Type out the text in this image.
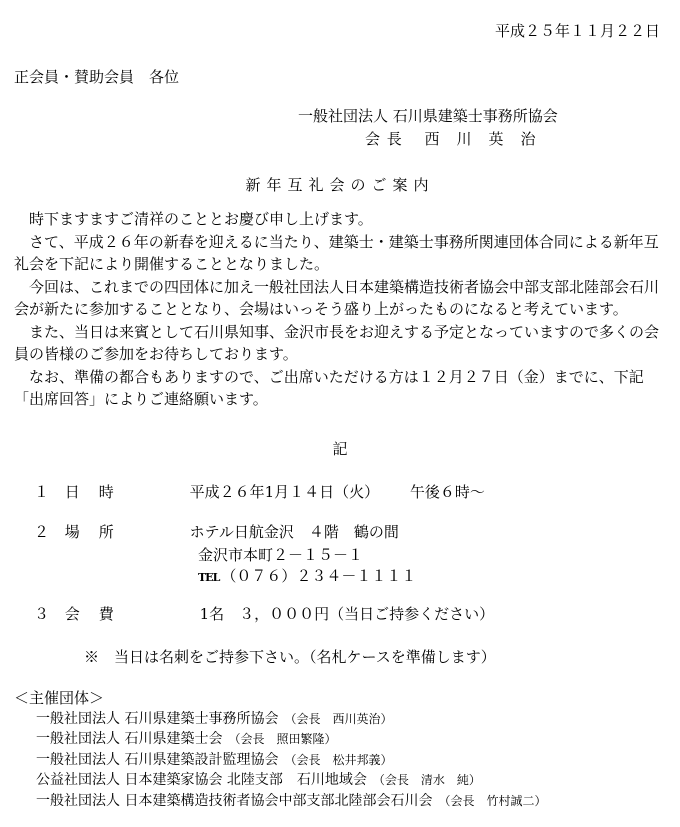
平成２５年１１月２２日
正会員・賛助会員　各位
一般社団法人 石川県建築士事務所協会
会 長　 西　川　英　治
新年互礼会のご案内

時下ますますご清祥のこととお慶び申し上げます。

さて、平成２６年の新春を迎えるに当たり、建築士・建築士事務所関連団体合同による新年互礼会を下記により開催することとなりました。

今回は、これまでの四団体に加え一般社団法人日本建築構造技術者協会中部支部北陸部会石川会が新たに参加することとなり、会場はいっそう盛り上がったものになると考えています。

また、当日は来賓として石川県知事、金沢市長をお迎えする予定となっていますので多くの会員の皆様のご参加をお待ちしております。

なお、準備の都合もありますので、ご出席いただける方は１２月２７日（金）までに、下記「出席回答」によりご連絡願います。

記
１ 日　時	平成２６年1月１４日（火） 午後６時～
２ 場　所	ホテル日航金沢　４階　鶴の間
金沢市本町２－１５－１
TEL （０７６）２３４－１１１１
３ 会　費	1名　３，０００円（当日ご持参ください）
※　当日は名刺をご持参下さい。（名札ケースを準備します）
＜主催団体＞
一般社団法人 石川県建築士事務所協会 （会長　西川英治）
一般社団法人 石川県建築士会 （会長　照田繁隆）
一般社団法人 石川県建築設計監理協会 （会長　松井邦義）
公益社団法人 日本建築家協会 北陸支部　石川地域会 （会長　清水　純）
一般社団法人 日本建築構造技術者協会中部支部北陸部会石川会 （会長　竹村誠二）
